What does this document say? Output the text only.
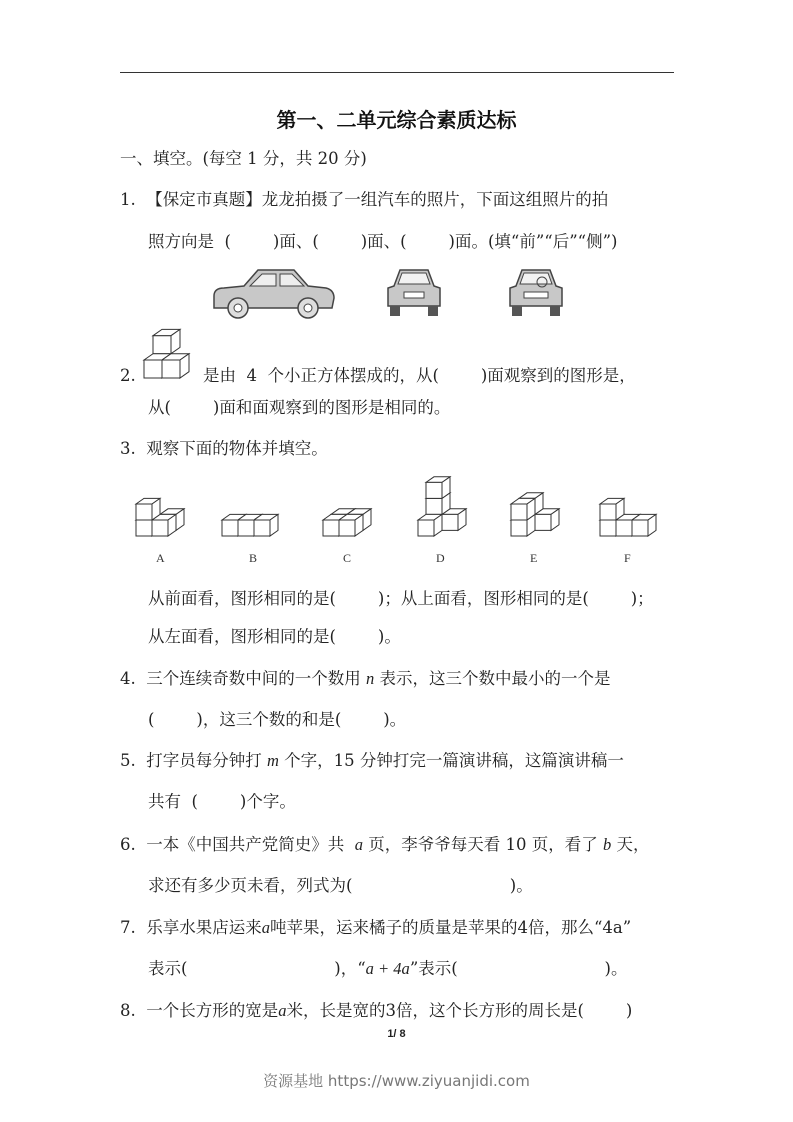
第一、二单元综合素质达标
一、填空。(每空 1 分，共 20 分)
1.  【保定市真题】龙龙拍摄了一组汽车的照片，下面这组照片的拍
照方向是  (        )面、(        )面、(        )面。(填“前”“后”“侧”)
2.	是由  4  个小正方体摆成的，从(        )面观察到的图形是，
从(        )面和面观察到的图形是相同的。
3.  观察下面的物体并填空。
A	B	C	D	E	F
从前面看，图形相同的是(        )；从上面看，图形相同的是(        )；
从左面看，图形相同的是(        )。
4.  三个连续奇数中间的一个数用 n 表示，这三个数中最小的一个是
(        )，这三个数的和是(        )。
5.  打字员每分钟打 m 个字，15 分钟打完一篇演讲稿，这篇演讲稿一
共有  (        )个字。
6.  一本《中国共产党简史》共  a 页，李爷爷每天看 10 页，看了 b 天，
求还有多少页未看，列式为(                              )。
7.  乐享水果店运来a吨苹果，运来橘子的质量是苹果的4倍，那么“4a”
表示(                            )，“a + 4a”表示(                            )。
8.  一个长方形的宽是a米，长是宽的3倍，这个长方形的周长是(        )
1/ 8
资源基地 https://www.ziyuanjidi.com
